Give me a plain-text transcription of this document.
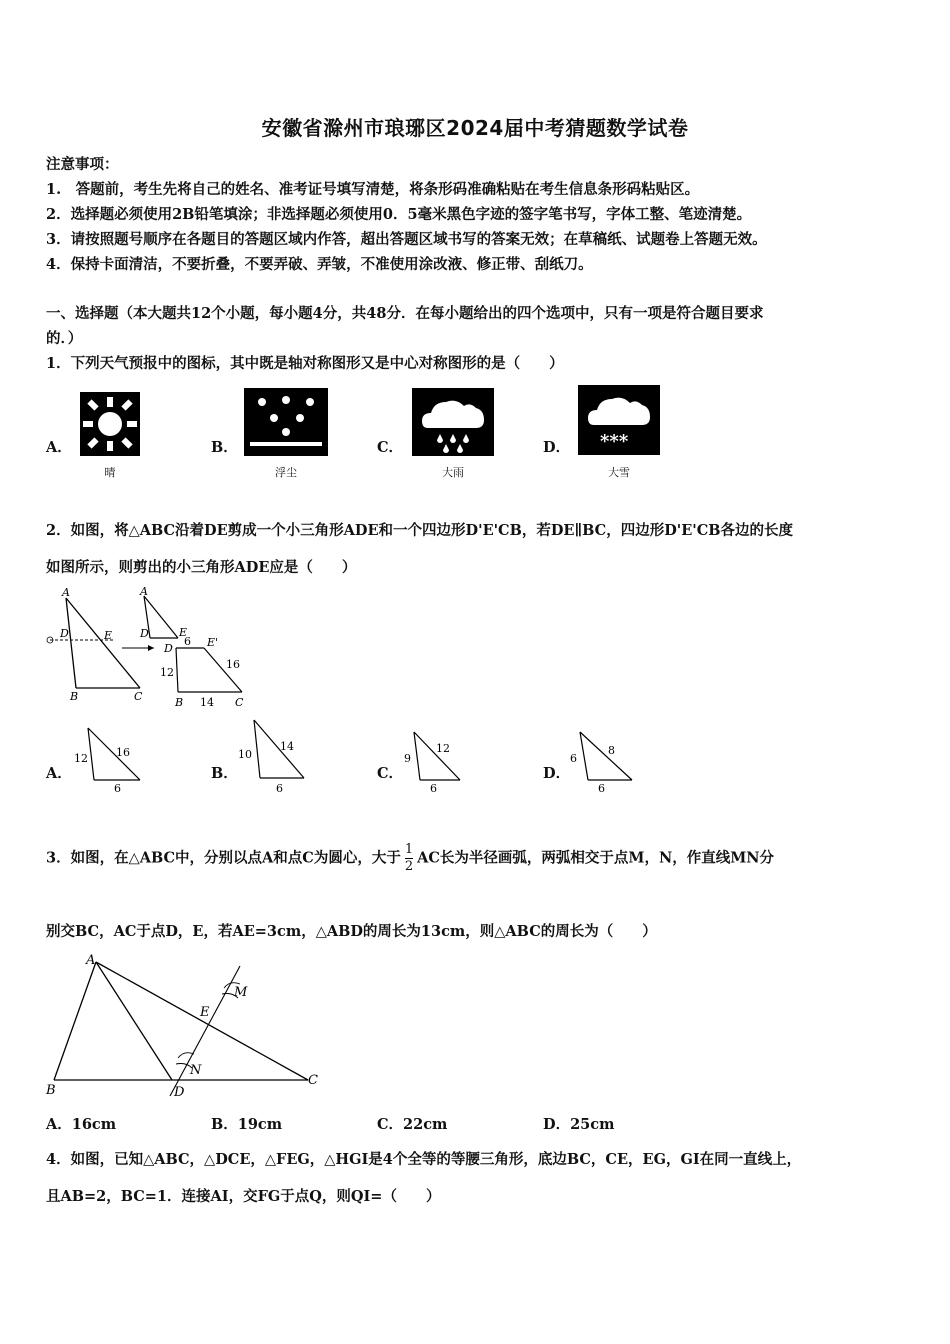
安徽省滁州市琅琊区2024届中考猜题数学试卷
注意事项：
1.　答题前，考生先将自己的姓名、准考证号填写清楚，将条形码准确粘贴在考生信息条形码粘贴区。
2．选择题必须使用2B铅笔填涂；非选择题必须使用0．5毫米黑色字迹的签字笔书写，字体工整、笔迹清楚。
3．请按照题号顺序在各题目的答题区域内作答，超出答题区域书写的答案无效；在草稿纸、试题卷上答题无效。
4．保持卡面清洁，不要折叠，不要弄破、弄皱，不准使用涂改液、修正带、刮纸刀。
一、选择题（本大题共12个小题，每小题4分，共48分．在每小题给出的四个选项中，只有一项是符合题目要求
的．）
1．下列天气预报中的图标，其中既是轴对称图形又是中心对称图形的是（　　）
A．
晴
B．
浮尘
C．
大雨
D． ***
大雪
2．如图，将△ABC沿着DE剪成一个小三角形ADE和一个四边形D'E'CB，若DE∥BC，四边形D'E'CB各边的长度
如图所示，则剪出的小三角形ADE应是（　　）
A
D	E
B	C
A
D	E
D	E'
B	C
6
12
16
14
A．
12	16
6
B．
10
14
6
C．
9
12
6
D．
6
8
6
3．如图，在△ABC中，分别以点A和点C为圆心，大于 $\frac{1}{2}$ AC长为半径画弧，两弧相交于点M，N，作直线MN分
别交BC，AC于点D，E，若AE=3cm，△ABD的周长为13cm，则△ABC的周长为（　　）
A
B
C
D
E
M
N
A．16cm	B．19cm	C．22cm	D．25cm
4．如图，已知△ABC，△DCE，△FEG，△HGI是4个全等的等腰三角形，底边BC，CE，EG，GI在同一直线上，
且AB=2，BC=1．连接AI，交FG于点Q，则QI=（　　）
